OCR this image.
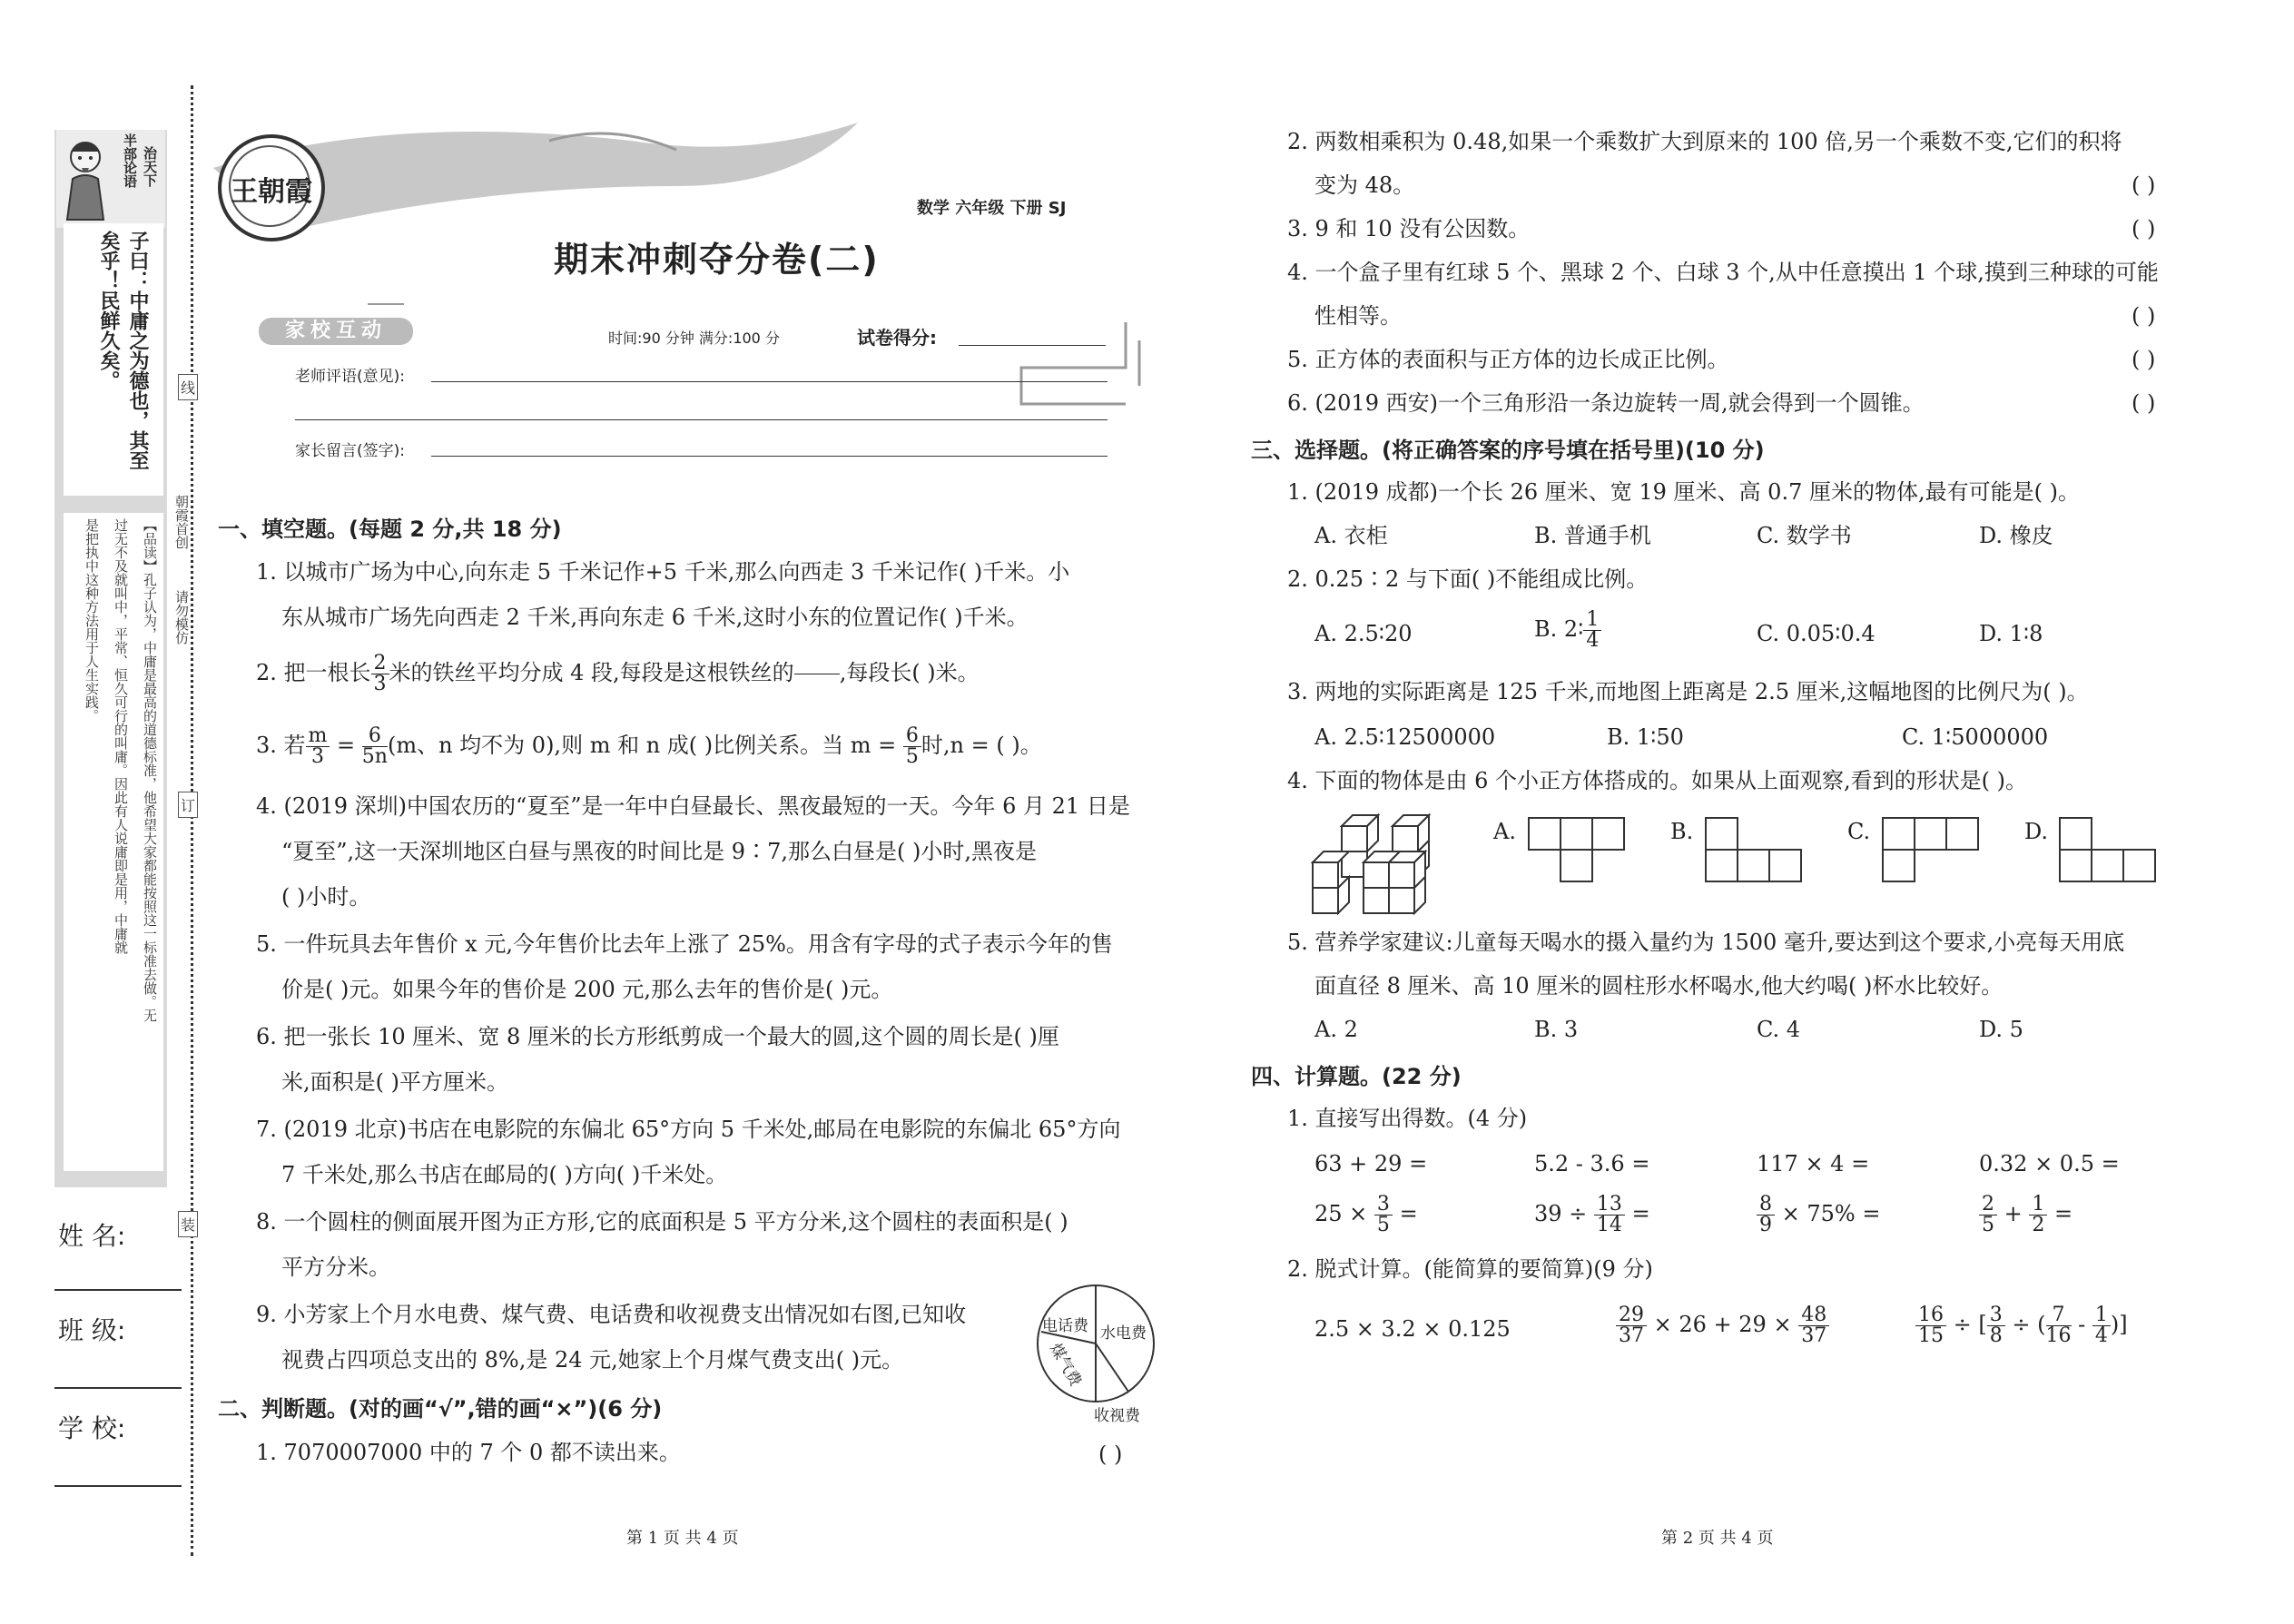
半部论语 治天下
子曰：中庸之为德也，其至
矣乎！民鲜久矣。
【品读】孔子认为，中庸是最高的道德标准，他希望大家都能按照这一标准去做。无
过无不及就叫中，平常、恒久可行的叫庸。因此有人说庸即是用，中庸就
是把执中这种方法用于人生实践。
姓 名:
班 级:
学 校:
线
订
装
朝霞首创
请勿模仿
王朝霞
数学 六年级 下册 SJ
期末冲刺夺分卷(二)
家校互动	时间:90 分钟 满分:100 分	试卷得分:
老师评语(意见):
家长留言(签字):
一、填空题。(每题 2 分,共 18 分)
1. 以城市广场为中心,向东走 5 千米记作+5 千米,那么向西走 3 千米记作( )千米。小
东从城市广场先向西走 2 千米,再向东走 6 千米,这时小东的位置记作( )千米。
2. 把一根长 $\frac{2}{3}$ 米的铁丝平均分成 4 段,每段是这根铁丝的

   ,每段长( )米。
3. 若 $\frac{m}{3} = \frac{6}{5n} (m$、n 均不为 0),则 m 和 n 成( )比例关系。当 $m = \frac{6}{5}$ 时,n = ( )。
4. (2019 深圳)中国农历的“夏至”是一年中白昼最长、黑夜最短的一天。今年 6 月 21 日是
“夏至”,这一天深圳地区白昼与黑夜的时间比是 9∶7,那么白昼是( )小时,黑夜是
( )小时。
5. 一件玩具去年售价 x 元,今年售价比去年上涨了 25%。用含有字母的式子表示今年的售
价是( )元。如果今年的售价是 200 元,那么去年的售价是( )元。
6. 把一张长 10 厘米、宽 8 厘米的长方形纸剪成一个最大的圆,这个圆的周长是( )厘
米,面积是( )平方厘米。
7. (2019 北京)书店在电影院的东偏北 65°方向 5 千米处,邮局在电影院的东偏北 65°方向
7 千米处,那么书店在邮局的( )方向( )千米处。
8. 一个圆柱的侧面展开图为正方形,它的底面积是 5 平方分米,这个圆柱的表面积是( )
平方分米。
9. 小芳家上个月水电费、煤气费、电话费和收视费支出情况如右图,已知收
视费占四项总支出的 8%,是 24 元,她家上个月煤气费支出( )元。
电话费 水电费
煤气费
收视费
二、判断题。(对的画“√”,错的画“×”)(6 分)
1. 7070007000 中的 7 个 0 都不读出来。	( )
第 1 页 共 4 页
2. 两数相乘积为 0.48,如果一个乘数扩大到原来的 100 倍,另一个乘数不变,它们的积将
变为 48。	( )
3. 9 和 10 没有公因数。	( )
4. 一个盒子里有红球 5 个、黑球 2 个、白球 3 个,从中任意摸出 1 个球,摸到三种球的可能
性相等。	( )
5. 正方体的表面积与正方体的边长成正比例。	( )
6. (2019 西安)一个三角形沿一条边旋转一周,就会得到一个圆锥。	( )
三、选择题。(将正确答案的序号填在括号里)(10 分)
1. (2019 成都)一个长 26 厘米、宽 19 厘米、高 0.7 厘米的物体,最有可能是( )。
A. 衣柜	B. 普通手机	C. 数学书	D. 橡皮
2. 0.25∶2 与下面( )不能组成比例。
A. 2.5∶20	B. 2∶ $\frac{1}{4}$	C. 0.05∶0.4	D. 1∶8
3. 两地的实际距离是 125 千米,而地图上距离是 2.5 厘米,这幅地图的比例尺为( )。
A. 2.5∶12500000	B. 1∶50	C. 1∶5000000
4. 下面的物体是由 6 个小正方体搭成的。如果从上面观察,看到的形状是( )。
A.	B.	C.	D.
5. 营养学家建议:儿童每天喝水的摄入量约为 1500 毫升,要达到这个要求,小亮每天用底
面直径 8 厘米、高 10 厘米的圆柱形水杯喝水,他大约喝( )杯水比较好。
A. 2	B. 3	C. 4	D. 5
四、计算题。(22 分)
1. 直接写出得数。(4 分)
63 + 29 =	5.2 - 3.6 =	117 × 4 =	0.32 × 0.5 =
$25 \times \frac{3}{5}$ =	$39 \div \frac{13}{14}$ =	$\frac{8}{9} \times 75\%$ =	$\frac{2}{5} + \frac{1}{2}$ =
2. 脱式计算。(能简算的要简算)(9 分)
2.5 × 3.2 × 0.125	$\frac{29}{37} \times 26 + 29 \times \frac{48}{37}$	$\frac{16}{15}$ ÷ [ $\frac{3}{8}$ ÷ ( $\frac{7}{16} - \frac{1}{4}$ )]
第 2 页 共 4 页
